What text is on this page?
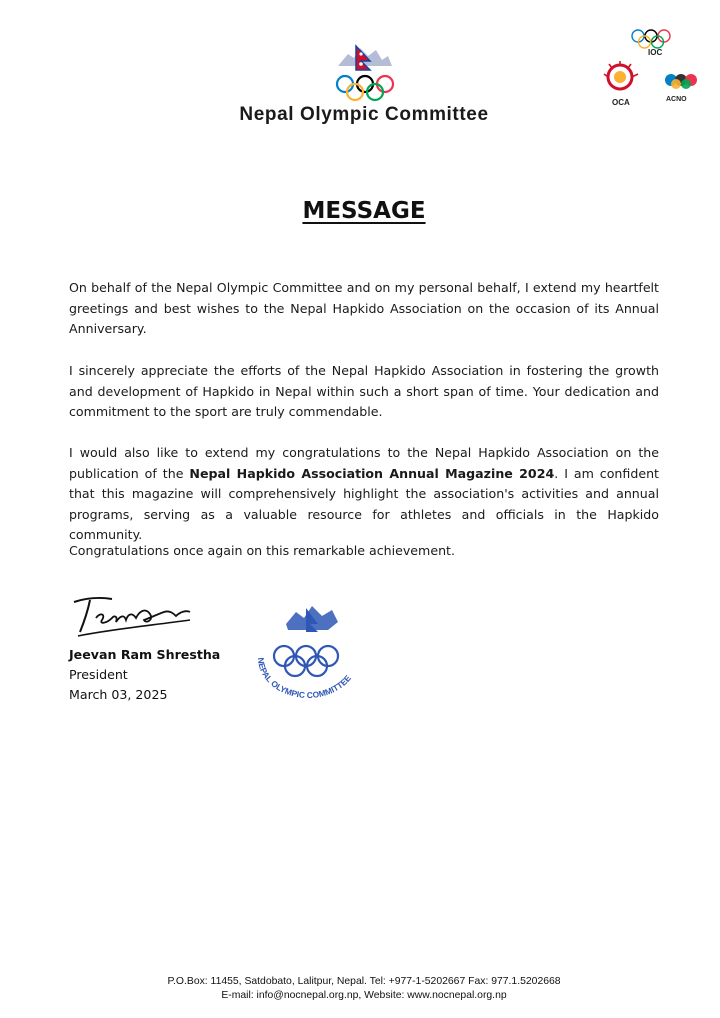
Nepal Olympic Committee
IOC
OCA	ACNO
MESSAGE
On behalf of the Nepal Olympic Committee and on my personal behalf, I extend my heartfelt greetings and best wishes to the Nepal Hapkido Association on the occasion of its Annual Anniversary.
I sincerely appreciate the efforts of the Nepal Hapkido Association in fostering the growth and development of Hapkido in Nepal within such a short span of time. Your dedication and commitment to the sport are truly commendable.
I would also like to extend my congratulations to the Nepal Hapkido Association on the publication of the Nepal Hapkido Association Annual Magazine 2024. I am confident that this magazine will comprehensively highlight the association's activities and annual programs, serving as a valuable resource for athletes and officials in the Hapkido community.
Congratulations once again on this remarkable achievement.
Jeevan Ram Shrestha
President
March 03, 2025
NEPAL OLYMPIC COMMITTEE
P.O.Box: 11455, Satdobato, Lalitpur, Nepal. Tel: +977-1-5202667 Fax: 977.1.5202668
E-mail: info@nocnepal.org.np, Website: www.nocnepal.org.np
